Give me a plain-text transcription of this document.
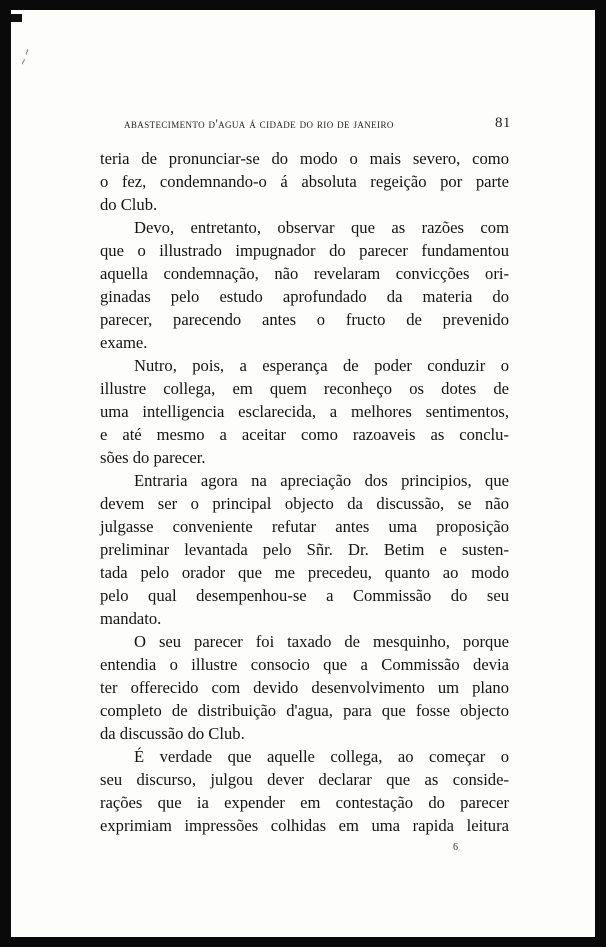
~ ~
abastecimento d'agua á cidade do rio de janeiro	81
teria de pronunciar-se do modo o mais severo, como
o fez, condemnando-o á absoluta regeição por parte
do Club.
Devo, entretanto, observar que as razões com
que o illustrado impugnador do parecer fundamentou
aquella condemnação, não revelaram convicções ori-
ginadas pelo estudo aprofundado da materia do
parecer, parecendo antes o fructo de prevenido
exame.
Nutro, pois, a esperança de poder conduzir o
illustre collega, em quem reconheço os dotes de
uma intelligencia esclarecida, a melhores sentimentos,
e até mesmo a aceitar como razoaveis as conclu-
sões do parecer.
Entraria agora na apreciação dos principios, que
devem ser o principal objecto da discussão, se não
julgasse conveniente refutar antes uma proposição
preliminar levantada pelo Sñr. Dr. Betim e susten-
tada pelo orador que me precedeu, quanto ao modo
pelo qual desempenhou-se a Commissão do seu
mandato.
O seu parecer foi taxado de mesquinho, porque
entendia o illustre consocio que a Commissão devia
ter offerecido com devido desenvolvimento um plano
completo de distribuição d'agua, para que fosse objecto
da discussão do Club.
É verdade que aquelle collega, ao começar o
seu discurso, julgou dever declarar que as conside-
rações que ia expender em contestação do parecer
exprimiam impressões colhidas em uma rapida leitura
6
